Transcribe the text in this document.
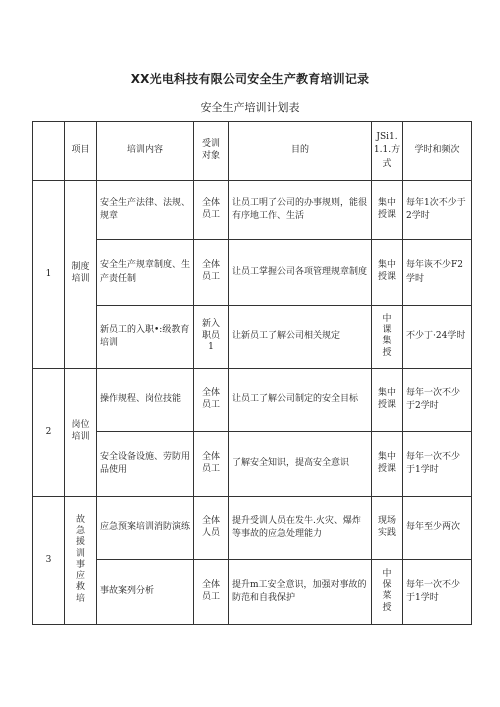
XX光电科技有限公司安全生产教育培训记录
安全生产培训计划表
	项目	培训内容	受训对象	目的	JSi1.1.1.方式	学时和频次
1	制度培训	安全生产法律、法规、规章	全体员工	让员工明了公司的办事规则，能很有序地工作、生活	集中授课	每年1次不少于2学时
		安全生产规章制度、生产责任制	全体员工	让员工掌握公司各项管理规章制度	集中授课	每年诙不少F2学时
		新员工的入职•:级教育培训	新入职员1	让新员工了解公司相关规定	中课集授	不少丁·24学时
2	岗位培训	操作规程、岗位技能	全体员工	让员工了解公司制定的安全目标	集中授课	每年一次不少于2学时
		安全设备设施、劳防用品使用	全体员工	了解安全知识，提高安全意识	集中授课	每年一次不少于1学时
3	故急援训事应救培	应急预案培训消防演练	全体人员	提升受训人员在发牛.火灾、爆炸等事故的应急处理能力	现场实践	每年至少两次
		事故案列分析	全体员工	提升m工安全意识，加强对事故的防范和自我保护	中保菜授	每年一次不少于1学时
